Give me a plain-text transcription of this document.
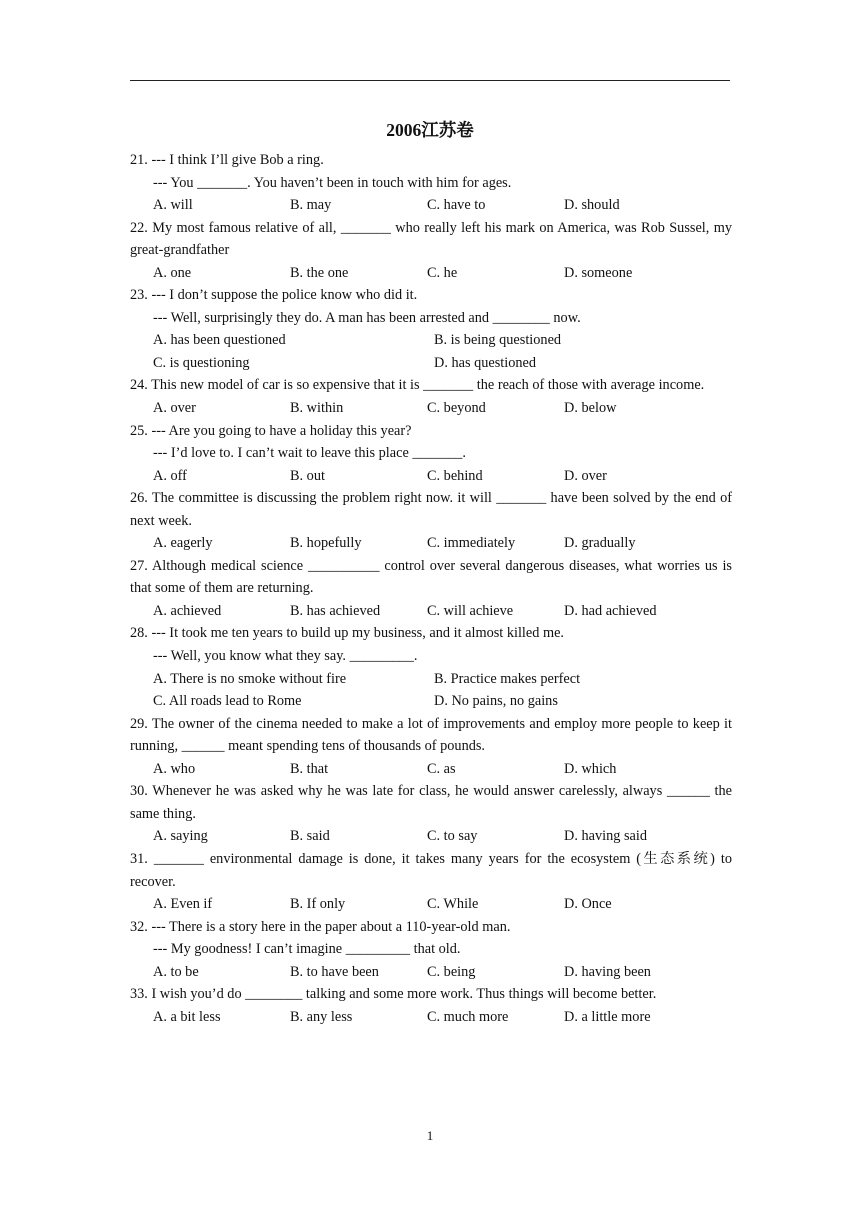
2006江苏卷
21. --- I think I’ll give Bob a ring.
--- You _______. You haven’t been in touch with him for ages.
A. will	B. may	C. have to	D. should
22. My most famous relative of all, _______ who really left his mark on America, was Rob Sussel, my great-grandfather
A. one	B. the one	C. he	D. someone
23. --- I don’t suppose the police know who did it.
--- Well, surprisingly they do. A man has been arrested and ________ now.
A. has been questioned	B. is being questioned
C. is questioning	D. has questioned
24. This new model of car is so expensive that it is _______ the reach of those with average income.
A. over	B. within	C. beyond	D. below
25. --- Are you going to have a holiday this year?
--- I’d love to. I can’t wait to leave this place _______.
A. off	B. out	C. behind	D. over
26. The committee is discussing the problem right now. it will _______ have been solved by the end of next week.
A. eagerly	B. hopefully	C. immediately	D. gradually
27. Although medical science __________ control over several dangerous diseases, what worries us is that some of them are returning.
A. achieved	B. has achieved	C. will achieve	D. had achieved
28. --- It took me ten years to build up my business, and it almost killed me.
--- Well, you know what they say. _________.
A. There is no smoke without fire	B. Practice makes perfect
C. All roads lead to Rome	D. No pains, no gains
29. The owner of the cinema needed to make a lot of improvements and employ more people to keep it running, ______ meant spending tens of thousands of pounds.
A. who	B. that	C. as	D. which
30. Whenever he was asked why he was late for class, he would answer carelessly, always ______ the same thing.
A. saying	B. said	C. to say	D. having said
31. _______ environmental damage is done, it takes many years for the ecosystem (生态系统) to recover.
A. Even if	B. If only	C. While	D. Once
32. --- There is a story here in the paper about a 110-year-old man.
--- My goodness! I can’t imagine _________ that old.
A. to be	B. to have been	C. being	D. having been
33. I wish you’d do ________ talking and some more work. Thus things will become better.
A. a bit less	B. any less	C. much more	D. a little more
1
